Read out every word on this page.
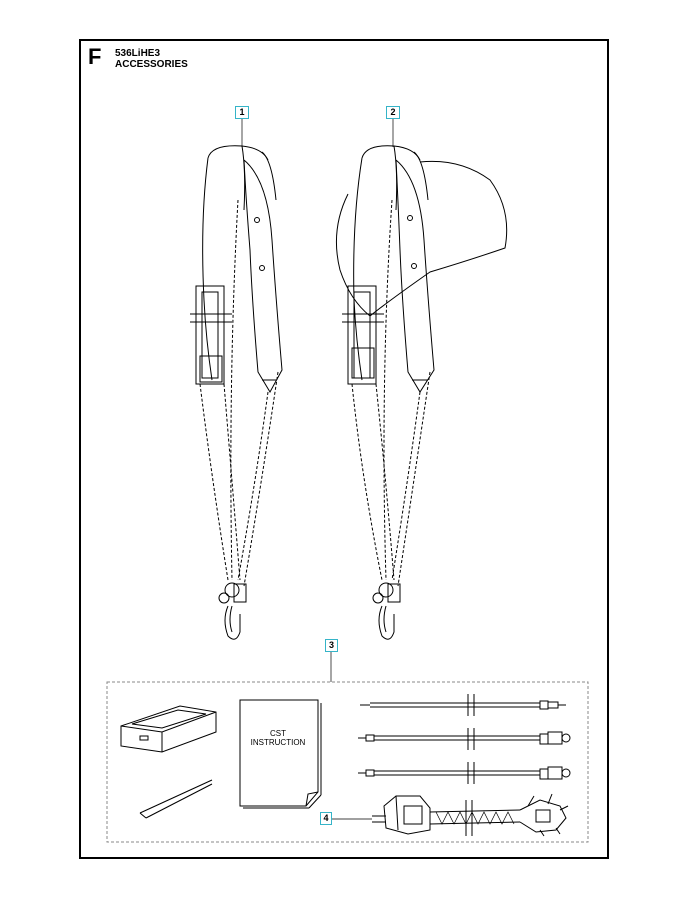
F 536LiHE3
ACCESSORIES
1	2
3
4
CST
INSTRUCTION
